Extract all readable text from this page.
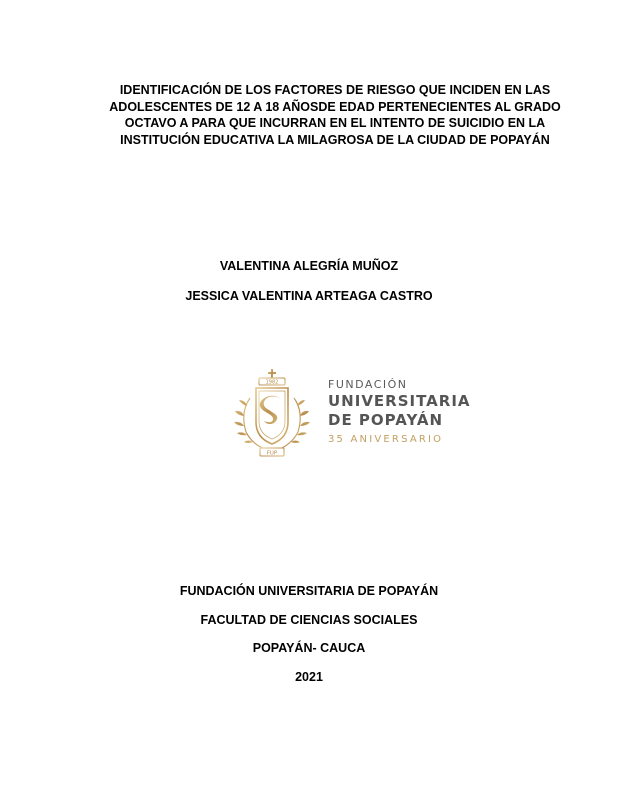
IDENTIFICACIÓN DE LOS FACTORES DE RIESGO QUE INCIDEN EN LAS
ADOLESCENTES DE 12 A 18 AÑOSDE EDAD PERTENECIENTES AL GRADO
OCTAVO A PARA QUE INCURRAN EN EL INTENTO DE SUICIDIO EN LA
INSTITUCIÓN EDUCATIVA LA MILAGROSA DE LA CIUDAD DE POPAYÁN
VALENTINA ALEGRÍA MUÑOZ
JESSICA VALENTINA ARTEAGA CASTRO
1982
FUP
FUNDACIÓN
UNIVERSITARIA
DE POPAYÁN
35 ANIVERSARIO
FUNDACIÓN UNIVERSITARIA DE POPAYÁN
FACULTAD DE CIENCIAS SOCIALES
POPAYÁN- CAUCA
2021
